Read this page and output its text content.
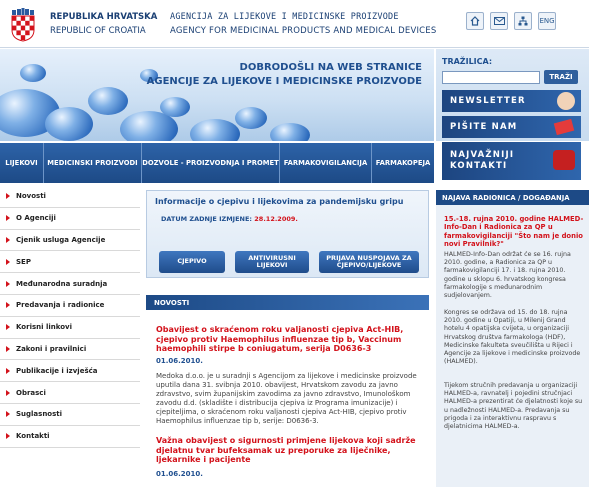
REPUBLIKA HRVATSKA
REPUBLIC OF CROATIA
AGENCIJA ZA LIJEKOVE I MEDICINSKE PROIZVODE
AGENCY FOR MEDICINAL PRODUCTS AND MEDICAL DEVICES
ENG
DOBRODOŠLI NA WEB STRANICE
AGENCIJE ZA LIJEKOVE I MEDICINSKE PROIZVODE
TRAŽILICA:
TRAŽI
NEWSLETTER
PIŠITE NAM
NAJVAŽNIJI KONTAKTI
LIJEKOVI	MEDICINSKI PROIZVODI DOZVOLE - PROIZVODNJA I PROMET FARMAKOVIGILANCIJA	FARMAKOPEJA
Novosti
O Agenciji
Cjenik usluga Agencije
SEP
Međunarodna suradnja
Predavanja i radionice
Korisni linkovi
Zakoni i pravilnici
Publikacije i izvješća
Obrasci
Suglasnosti
Kontakti
Informacije o cjepivu i lijekovima za pandemijsku gripu
DATUM ZADNJE IZMJENE: 28.12.2009.
CJEPIVO	ANTIVIRUSNI LIJEKOVI
PRIJAVA NUSPOJAVA ZA CJEPIVO/LIJEKOVE
NOVOSTI
Obavijest o skraćenom roku valjanosti cjepiva Act-HIB, cjepivo protiv Haemophilus influenzae tip b, Vaccinum haemophili stirpe b coniugatum, serija D0636-3
01.06.2010.
Medoka d.o.o. je u suradnji s Agencijom za lijekove i medicinske proizvode uputila dana 31. svibnja 2010. obavijest, Hrvatskom zavodu za javno zdravstvo, svim županijskim zavodima za javno zdravstvo, Imunološkom zavodu d.d. (skladište i distribucija cjepiva iz Programa imunizacije) i cjepiteljima, o skraćenom roku valjanosti cjepiva Act-HIB, cjepivo protiv Haemophilus influenzae tip b, serije: D0636-3.
Važna obavijest o sigurnosti primjene lijekova koji sadrže djelatnu tvar bufeksamak uz preporuke za liječnike, ljekarnike i pacijente
01.06.2010.
NAJAVA RADIONICA / DOGAĐANJA
15.-18. rujna 2010. godine HALMED-Info-Dan i Radionica za QP u farmakovigilanciji "Što nam je donio novi Pravilnik?"
HALMED-Info-Dan održat će se 16. rujna 2010. godine, a Radionica za QP u farmakovigilanciji 17. i 18. rujna 2010. godine u sklopu 6. hrvatskog kongresa farmakologije s međunarodnim sudjelovanjem.
Kongres se održava od 15. do 18. rujna 2010. godine u Opatiji, u Milenij Grand hotelu 4 opatijska cvijeta, u organizaciji Hrvatskog društva farmakologa (HDF), Medicinske fakulteta sveučilišta u Rijeci i Agencije za lijekove i medicinske proizvode (HALMED).
Tijekom stručnih predavanja u organizaciji HALMED-a, ravnatelj i pojedini stručnjaci HALMED-a prezentirat će djelatnosti koje su u nadležnosti HALMED-a. Predavanja su prigoda i za interaktivnu raspravu s djelatnicima HALMED-a.
